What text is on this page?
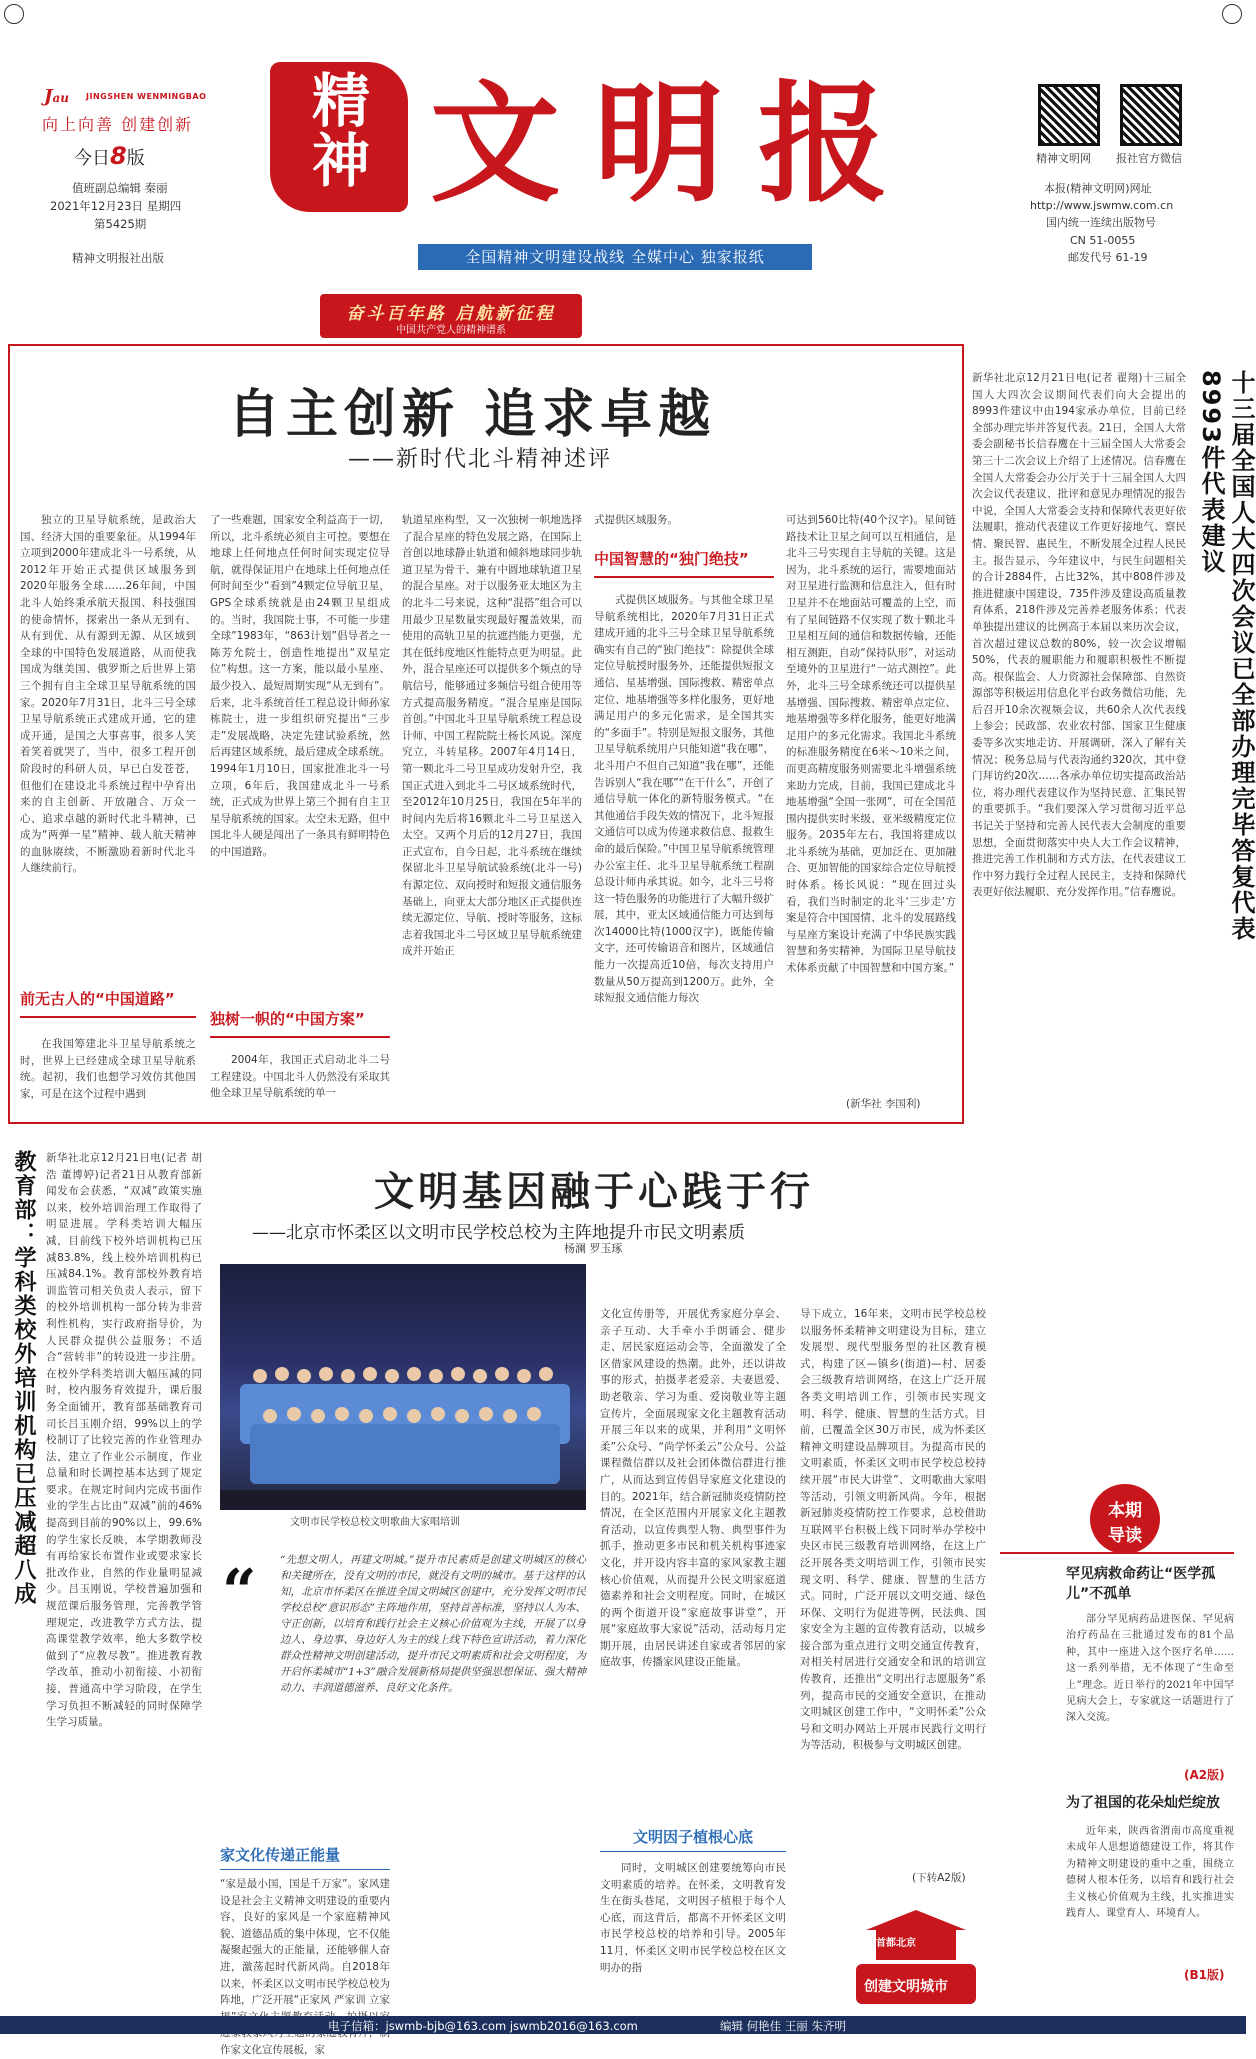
Jau	JINGSHEN WENMINGBAO
向上向善 创建创新
今日8版
值班副总编辑 秦丽
2021年12月23日 星期四
第5425期
精神文明报社出版
精神 文明报
全国精神文明建设战线 全媒中心 独家报纸
精神文明网 报社官方微信
本报(精神文明网)网址
http://www.jswmw.com.cn
国内统一连续出版物号
CN 51-0055
邮发代号 61-19
奋斗百年路 启航新征程
中国共产党人的精神谱系
自主创新 追求卓越
——新时代北斗精神述评

独立的卫星导航系统，是政治大国、经济大国的重要象征。从1994年立项到2000年建成北斗一号系统，从2012年开始正式提供区域服务到2020年服务全球……26年间，中国北斗人始终秉承航天报国、科技强国的使命情怀，探索出一条从无到有、从有到优、从有源到无源、从区域到全球的中国特色发展道路，从而使我国成为继美国、俄罗斯之后世界上第三个拥有自主全球卫星导航系统的国家。2020年7月31日，北斗三号全球卫星导航系统正式建成开通，它的建成开通，是国之大事喜事，很多人笑着笑着就哭了，当中，很多工程开创阶段时的科研人员，早已白发苍苍，但他们在建设北斗系统过程中孕育出来的自主创新、开放融合、万众一心、追求卓越的新时代北斗精神，已成为“两弹一星”精神、载人航天精神的血脉赓续，不断激励着新时代北斗人继续前行。

前无古人的“中国道路”

在我国筹建北斗卫星导航系统之时，世界上已经建成全球卫星导航系统。起初，我们也想学习效仿其他国家，可是在这个过程中遇到

了一些难题，国家安全利益高于一切，所以，北斗系统必须自主可控。要想在地球上任何地点任何时间实现定位导航，就得保证用户在地球上任何地点任何时间至少“看到”4颗定位导航卫星，GPS全球系统就是由24颗卫星组成的。当时，我国院士事，不可能一步建全球”1983年，“863计划”倡导者之一陈芳允院士，创造性地提出“双星定位”构想。这一方案，能以最小星座、最少投入、最短周期实现“从无到有”。后来，北斗系统首任工程总设计师孙家栋院士，进一步组织研究提出“三步走”发展战略，决定先建试验系统，然后再建区域系统，最后建成全球系统。1994年1月10日，国家批准北斗一号立项，6年后，我国建成北斗一号系统，正式成为世界上第三个拥有自主卫星导航系统的国家。太空未无路，但中国北斗人硬是闯出了一条具有鲜明特色的中国道路。

独树一帜的“中国方案”

2004年，我国正式启动北斗二号工程建设。中国北斗人仍然没有采取其他全球卫星导航系统的单一

轨道星座构型，又一次独树一帜地选择了混合星座的特色发展之路，在国际上首创以地球静止轨道和倾斜地球同步轨道卫星为骨干、兼有中圆地球轨道卫星的混合星座。对于以服务亚太地区为主的北斗二号来说，这种“混搭”组合可以用最少卫星数量实现最好覆盖效果，而使用的高轨卫星的抗遮挡能力更强，尤其在低纬度地区性能特点更为明显。此外，混合星座还可以提供多个频点的导航信号，能够通过多频信号组合使用等方式提高服务精度。“混合星座是国际首创。”中国北斗卫星导航系统工程总设计师、中国工程院院士杨长风说。深度究立，斗转星移。2007年4月14日，第一颗北斗二号卫星成功发射升空，我国正式进入到北斗二号区域系统时代，至2012年10月25日，我国在5年半的时间内先后将16颗北斗二号卫星送入太空。又两个月后的12月27日，我国正式宣布，自今日起，北斗系统在继续保留北斗卫星导航试验系统(北斗一号)有源定位、双向授时和短报文通信服务基础上，向亚太大部分地区正式提供连续无源定位、导航、授时等服务，这标志着我国北斗二号区域卫星导航系统建成并开始正

式提供区域服务。

中国智慧的“独门绝技”

式提供区域服务。与其他全球卫星导航系统相比，2020年7月31日正式建成开通的北斗三号全球卫星导航系统确实有自己的“独门绝技”：除提供全球定位导航授时服务外，还能提供短报文通信、星基增强、国际搜救、精密单点定位、地基增强等多样化服务，更好地满足用户的多元化需求，是全国其实的“多面手”。特别是短报文服务，其他卫星导航系统用户只能知道“我在哪”，北斗用户不但自己知道“我在哪”，还能告诉别人“我在哪”“在干什么”，开创了通信导航一体化的新特服务模式。“在其他通信手段失效的情况下，北斗短报文通信可以成为传递求救信息、报救生命的最后保险。”中国卫星导航系统管理办公室主任、北斗卫星导航系统工程副总设计师冉承其说。如今，北斗三号将这一特色服务的功能进行了大幅升级扩展，其中，亚太区域通信能力可达到每次14000比特(1000汉字)，既能传输文字，还可传输语音和图片，区域通信能力一次提高近10倍，每次支持用户数量从50万提高到1200万。此外，全球短报文通信能力每次

可达到560比特(40个汉字)。星间链路技术让卫星之间可以互相通信，是北斗三号实现自主导航的关键。这是因为，北斗系统的运行，需要地面站对卫星进行监测和信息注入，但有时卫星并不在地面站可覆盖的上空，而有了星间链路不仅实现了数十颗北斗卫星相互间的通信和数据传输，还能相互测距，自动“保持队形”，对运动至境外的卫星进行“一站式测控”。此外，北斗三号全球系统还可以提供星基增强、国际搜救、精密单点定位、地基增强等多样化服务，能更好地满足用户的多元化需求。我国北斗系统的标准服务精度在6米～10米之间，而更高精度服务则需要北斗增强系统来助力完成，目前，我国已建成北斗地基增强“全国一张网”，可在全国范围内提供实时米级、亚米级精度定位服务。2035年左右，我国将建成以北斗系统为基础，更加泛在、更加融合、更加智能的国家综合定位导航授时体系。杨长风说：“现在回过头看，我们当时制定的北斗‘三步走’方案是符合中国国情、北斗的发展路线与星座方案设计充满了中华民族实践智慧和务实精神，为国际卫星导航技术体系贡献了中国智慧和中国方案。”

(新华社 李国利)
十三届全国人大四次会议已全部办理完毕答复代表8993件代表建议

新华社北京12月21日电(记者 翟翔)十三届全国人大四次会议期间代表们向大会提出的8993件建议中由194家承办单位，目前已经全部办理完毕并答复代表。21日，全国人大常委会副秘书长信春鹰在十三届全国人大常委会第三十二次会议上介绍了上述情况。信春鹰在全国人大常委会办公厅关于十三届全国人大四次会议代表建议、批评和意见办理情况的报告中说，全国人大常委会支持和保障代表更好依法履职，推动代表建议工作更好接地气、察民情、聚民智、惠民生，不断发展全过程人民民主。报告显示，今年建议中，与民生问题相关的合计2884件，占比32%，其中808件涉及推进健康中国建设，735件涉及建设高质量教育体系，218件涉及完善养老服务体系；代表单独提出建议的比例高于本届以来历次会议，首次超过建议总数的80%，较一次会议增幅50%，代表的履职能力和履职积极性不断提高。根保监会、人力资源社会保障部、自然资源部等积极运用信息化平台政务微信功能，先后召开10余次视频会议，共60余人次代表线上参会；民政部、农业农村部、国家卫生健康委等多次实地走访、开展调研，深入了解有关情况；税务总局与代表沟通约320次，其中登门拜访约20次……各承办单位切实提高政治站位，将办理代表建议作为坚持民意、汇集民智的重要抓手。“我们要深入学习贯彻习近平总书记关于坚持和完善人民代表大会制度的重要思想，全面贯彻落实中央人大工作会议精神，推进完善工作机制和方式方法，在代表建议工作中努力践行全过程人民民主，支持和保障代表更好依法履职、充分发挥作用。”信春鹰说。

教育部：学科类校外培训机构已压减超八成 新华社北京12月21日电(记者 胡浩 董博婷)记者21日从教育部新闻发布会获悉，“双减”政策实施以来，校外培训治理工作取得了明显进展。学科类培训大幅压减，目前线下校外培训机构已压减83.8%，线上校外培训机构已压减84.1%。教育部校外教育培训监管司相关负责人表示，留下的校外培训机构一部分转为非营利性机构，实行政府指导价，为人民群众提供公益服务；不适合“营转非”的转设进一步注册。在校外学科类培训大幅压减的同时，校内服务育效提升，课后服务全面铺开，教育部基础教育司司长吕玉刚介绍，99%以上的学校制订了比较完善的作业管理办法，建立了作业公示制度，作业总量和时长调控基本达到了规定要求。在规定时间内完成书面作业的学生占比由“双减”前的46%提高到目前的90%以上，99.6%的学生家长反映，本学期教师没有再给家长布置作业或要求家长批改作业，自然的作业量明显减少。吕玉刚说，学校普遍加强和规范课后服务管理，完善教学管理规定，改进教学方式方法，提高课堂教学效率，绝大多数学校做到了“应教尽教”。推进教育教学改革，推动小初衔接、小初衔接，普通高中学习阶段，在学生学习负担不断减轻的同时保障学生学习质量。

文明基因融于心践于行
——北京市怀柔区以文明市民学校总校为主阵地提升市民文明素质
杨澜 罗玉琢
文明市民学校总校文明歌曲大家唱培训
“ “先想文明人，再建文明城。”提升市民素质是创建文明城区的核心和关键所在，没有文明的市民，就没有文明的城市。基于这样的认知，北京市怀柔区在推进全国文明城区创建中，充分发挥文明市民学校总校“意识形态”主阵地作用，坚持首善标准，坚持以人为本、守正创新，以培育和践行社会主义核心价值观为主线，开展了以身边人、身边事、身边好人为主的线上线下特色宣讲活动，着力深化群众性精神文明创建活动，提升市民文明素质和社会文明程度，为开启怀柔城市“1+3”融合发展新格局提供坚强思想保证、强大精神动力、丰润道德滋养、良好文化条件。

家文化传递正能量

“家是最小国，国是千万家”。家风建设是社会主义精神文明建设的重要内容，良好的家风是一个家庭精神风貌、道德品质的集中体现，它不仅能凝聚起强大的正能量，还能够催人奋进，激荡起时代新风尚。自2018年以来，怀柔区以文明市民学校总校为阵地，广泛开展“正家风 严家训 立家 作家文化宣传展板，家

文化宣传册等，开展优秀家庭分享会、亲子互动、大手牵小手朗诵会、健步走、居民家庭运动会等，全面激发了全区借家风建设的热潮。此外，还以讲故事的形式，拍摄孝老爱亲、夫妻恩爱、助老敬亲、学习为重、爱岗敬业等主题宣传片，全面展现家文化主题教育活动开展三年以来的成果，并利用“文明怀柔”公众号、“尚学怀柔云”公众号、公益课程微信群以及社会团体微信群进行推广，从而达到宣传倡导家庭文化建设的目的。2021年，结合新冠肺炎疫情防控情况，在全区范围内开展家文化主题教育活动，以宣传典型人物、典型事件为抓手，推动更多市民和机关机构事迹家文化，并开设内容丰富的家风家教主题核心价值观，从而提升公民文明家庭道德素养和社会文明程度。同时，在城区的两个街道开设“家庭故事讲堂”，开展“家庭故事大家说”活动，活动每月定期开展，由居民讲述自家或者邻居的家庭故事，传播家风建设正能量。

文明因子植根心底

同时，文明城区创建要统筹向市民文明素质的培养。在怀柔，文明教育发生在街头巷尾，文明因子植根于每个人心底，而这背后，都离不开怀柔区文明市民学校总校的培养和引导。2005年11月，怀柔区文明市民学校总校在区文明办的指

导下成立，16年来，文明市民学校总校以服务怀柔精神文明建设为目标，建立发展型、现代型服务型的社区教育模式，构建了区—镇乡(街道)—村、居委会三级教育培训网络，在这上广泛开展各类文明培训工作，引领市民实现文明、科学、健康、智慧的生活方式。目前，已覆盖全区30万市民，成为怀柔区精神文明建设品牌项目。为提高市民的文明素质，怀柔区文明市民学校总校持续开展“市民大讲堂”、文明歌曲大家唱等活动，引领文明新风尚。今年，根据新冠肺炎疫情防控工作要求，总校借助互联网平台积极上线下同时举办学校中央区市民三级教育培训网络，在这上广泛开展各类文明培训工作，引领市民实现文明、科学、健康、智慧的生活方式。同时，广泛开展以文明交通、绿色环保、文明行为促进等例，民法典、国家安全为主题的宣传教育活动，以城乡接合部为重点进行文明交通宣传教育，对相关村居进行交通安全和讯的培训宣传教育，还推出“文明出行志愿服务”系列，提高市民的交通安全意识，在推动文明城区创建工作中，“文明怀柔”公众号和文明办网站上开展市民践行文明行为等活动，积极参与文明城区创建。

(下转A2版)
首都北京
创建文明城市
本期
导读
罕见病救命药让“医学孤儿”不孤单

部分罕见病药品进医保、罕见病治疗药品在三批通过发布的81个品种，其中一座进入这个医疗名单……这一系列举措，无不体现了“生命至上”理念。近日举行的2021年中国罕见病大会上，专家就这一话题进行了深入交流。

(A2版)
为了祖国的花朵灿烂绽放

近年来，陕西省渭南市高度重视未成年人思想道德建设工作，将其作为精神文明建设的重中之重，围绕立德树人根本任务，以培育和践行社会主义核心价值观为主线，扎实推进实践育人、课堂育人、环境育人。

(B1版)
电子信箱：jswmb-bjb@163.com jswmb2016@163.com	编辑 何艳佳 王丽 朱齐明
